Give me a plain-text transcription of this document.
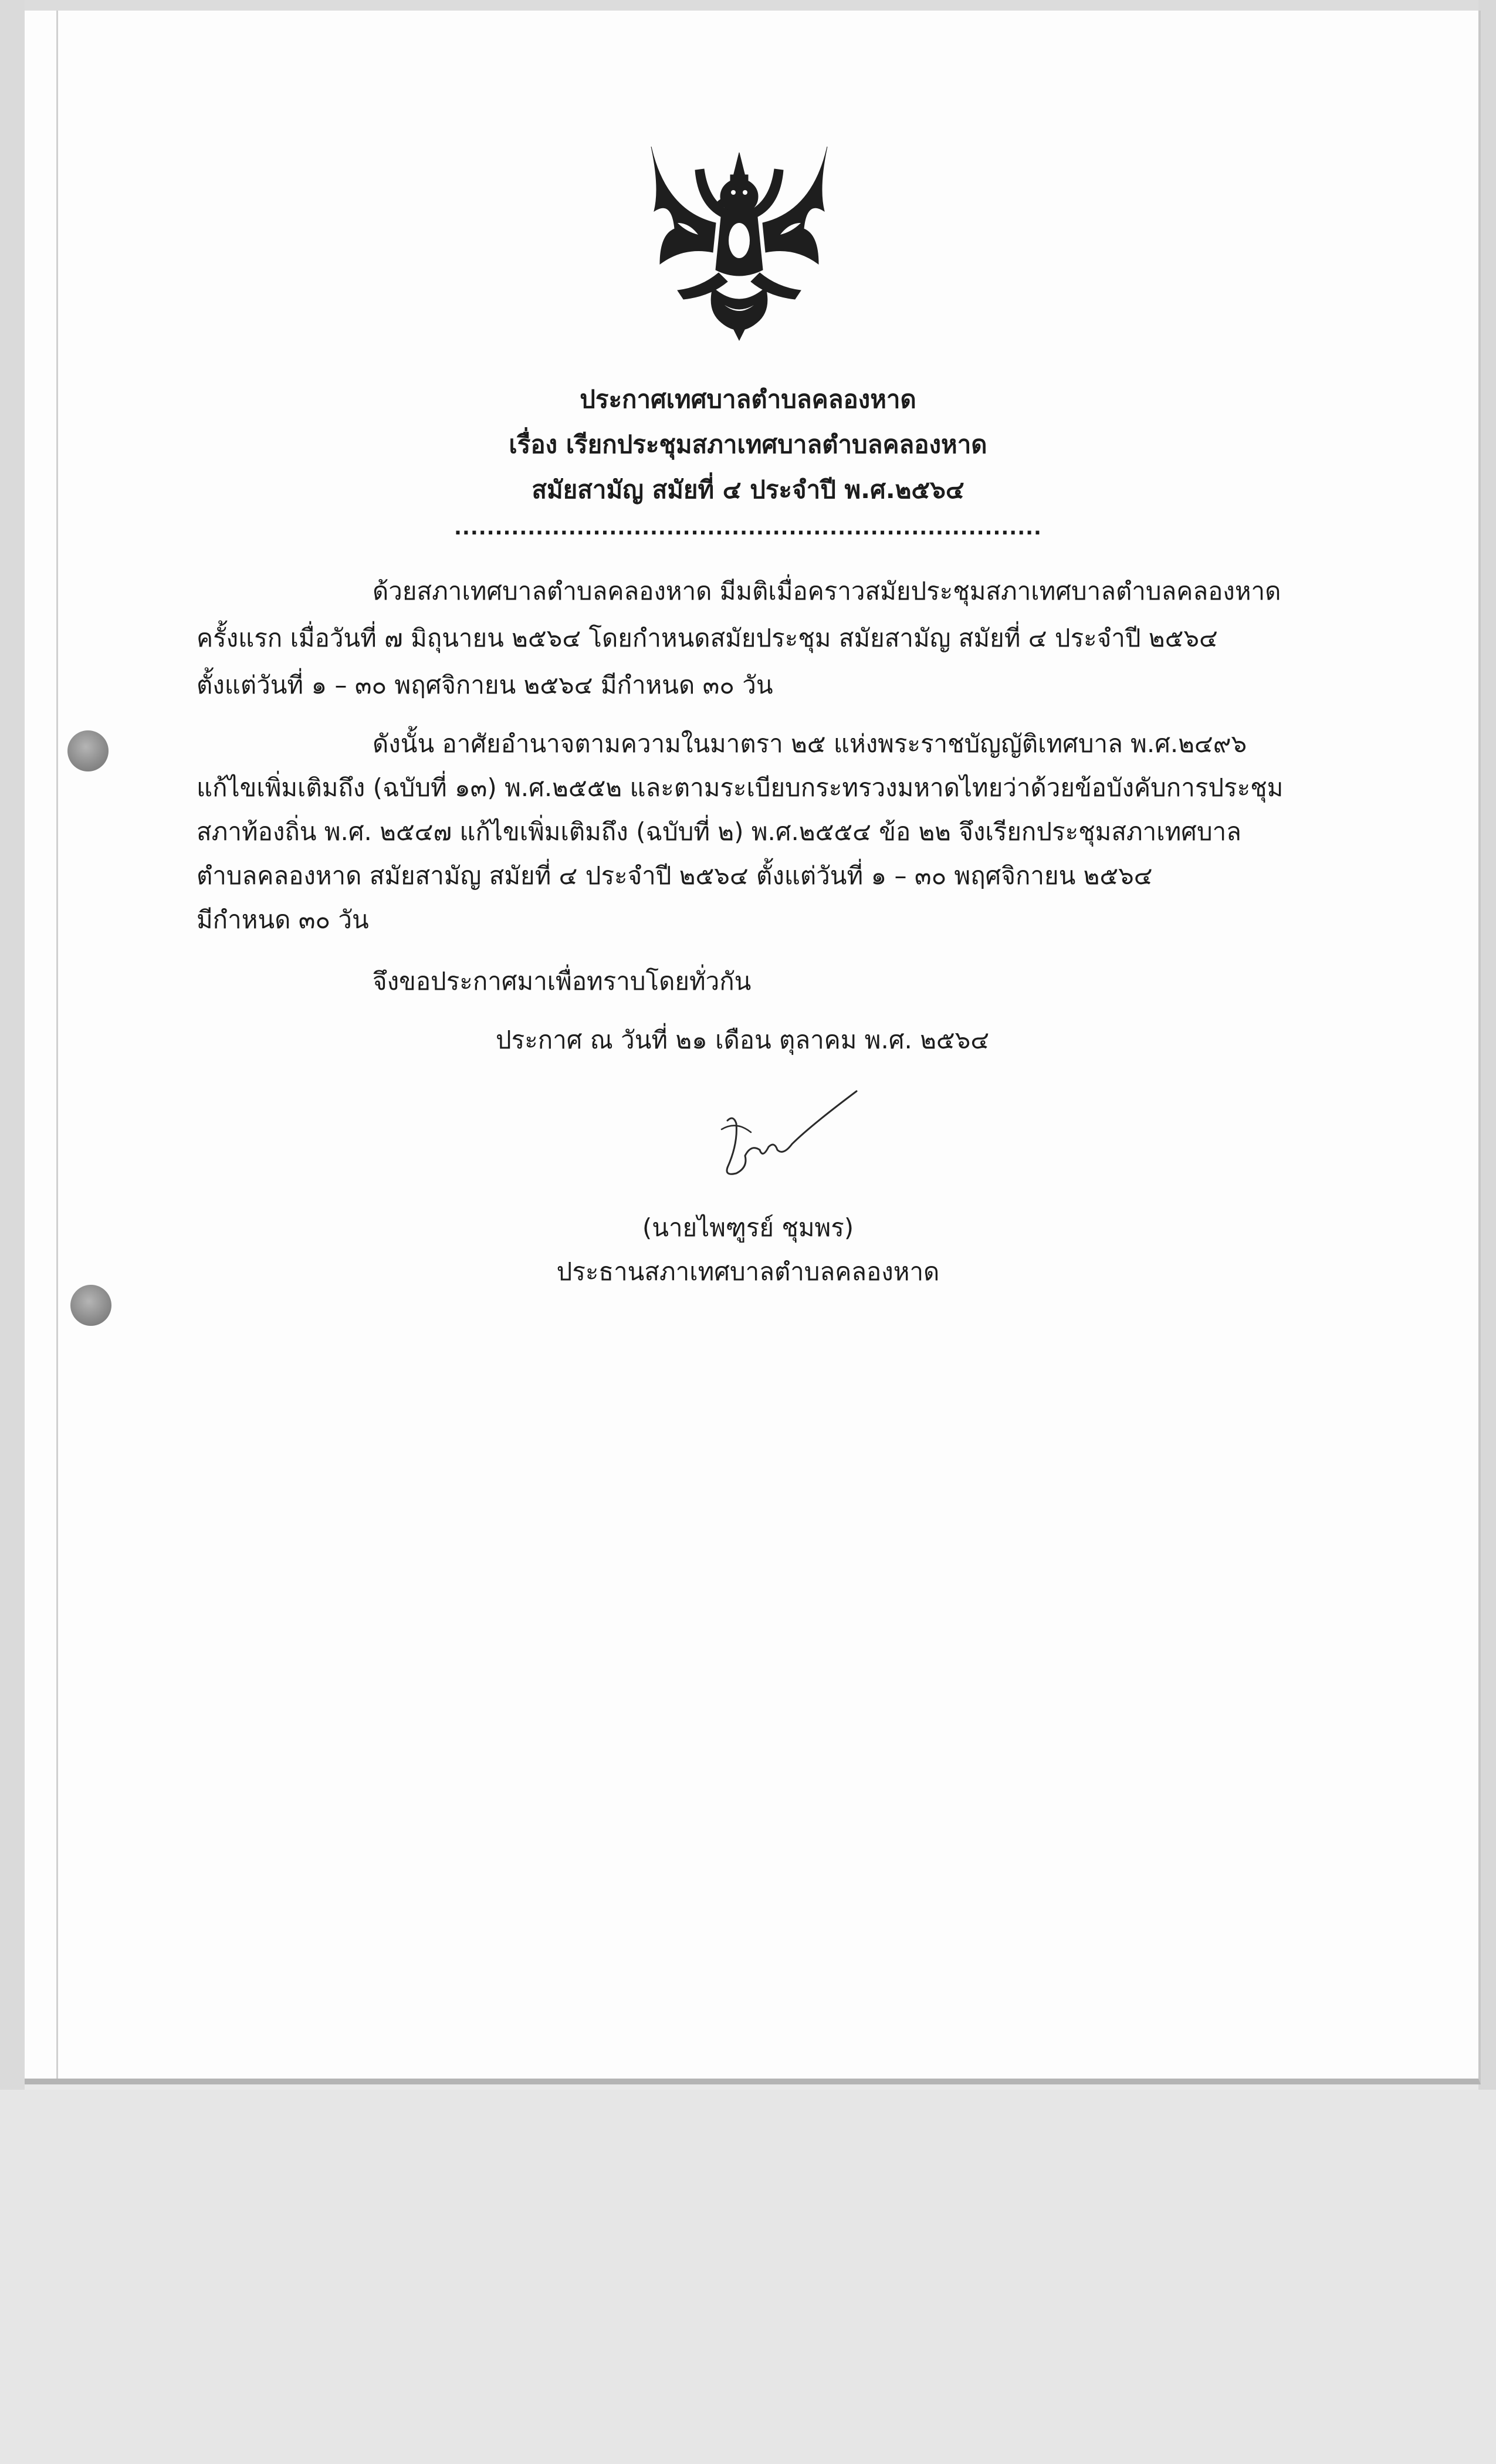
ประกาศเทศบาลตำบลคลองหาด

เรื่อง เรียกประชุมสภาเทศบาลตำบลคลองหาด

สมัยสามัญ สมัยที่ ๔ ประจำปี พ.ศ.๒๕๖๔

........................................................................

ด้วยสภาเทศบาลตำบลคลองหาด มีมติเมื่อคราวสมัยประชุมสภาเทศบาลตำบลคลองหาด

ครั้งแรก เมื่อวันที่ ๗ มิถุนายน ๒๕๖๔ โดยกำหนดสมัยประชุม สมัยสามัญ สมัยที่ ๔ ประจำปี ๒๕๖๔

ตั้งแต่วันที่ ๑ – ๓๐ พฤศจิกายน ๒๕๖๔ มีกำหนด ๓๐ วัน

ดังนั้น อาศัยอำนาจตามความในมาตรา ๒๕ แห่งพระราชบัญญัติเทศบาล พ.ศ.๒๔๙๖

แก้ไขเพิ่มเติมถึง (ฉบับที่ ๑๓) พ.ศ.๒๕๕๒ และตามระเบียบกระทรวงมหาดไทยว่าด้วยข้อบังคับการประชุม

สภาท้องถิ่น พ.ศ. ๒๕๔๗ แก้ไขเพิ่มเติมถึง (ฉบับที่ ๒) พ.ศ.๒๕๕๔ ข้อ ๒๒ จึงเรียกประชุมสภาเทศบาล

ตำบลคลองหาด สมัยสามัญ สมัยที่ ๔ ประจำปี ๒๕๖๔ ตั้งแต่วันที่ ๑ – ๓๐ พฤศจิกายน ๒๕๖๔

มีกำหนด ๓๐ วัน

จึงขอประกาศมาเพื่อทราบโดยทั่วกัน

ประกาศ ณ วันที่ ๒๑ เดือน ตุลาคม พ.ศ. ๒๕๖๔

(นายไพฑูรย์ ชุมพร)

ประธานสภาเทศบาลตำบลคลองหาด
